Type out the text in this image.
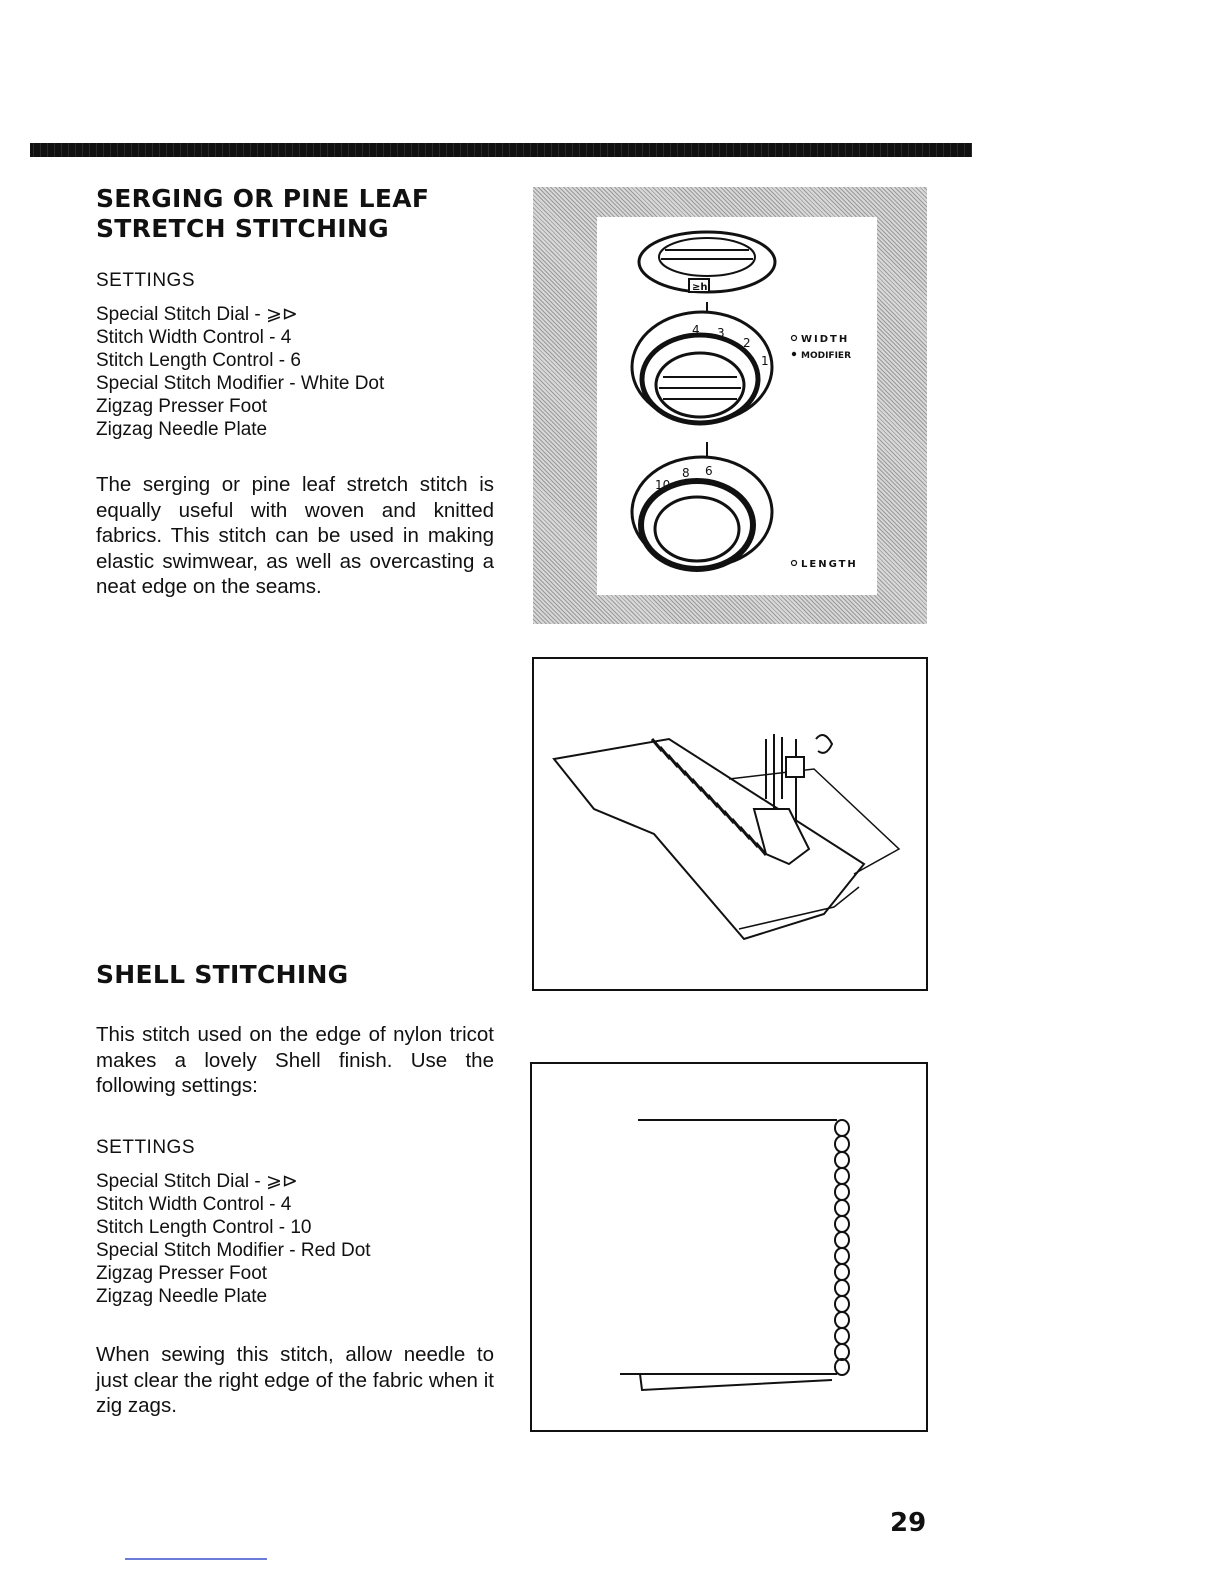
SERGING OR PINE LEAF
STRETCH STITCHING
SETTINGS
Special Stitch Dial - ⩾⊳
Stitch Width Control - 4
Stitch Length Control - 6
Special Stitch Modifier - White Dot
Zigzag Presser Foot
Zigzag Needle Plate

The serging or pine leaf stretch stitch is equally useful with woven and knitted fabrics. This stitch can be used in making elastic swimwear, as well as overcasting a neat edge on the seams.

≥h
4 3
2
1
10
8 6
WIDTH
MODIFIER
LENGTH
SHELL STITCHING

This stitch used on the edge of nylon tricot makes a lovely Shell finish. Use the following settings:

SETTINGS
Special Stitch Dial - ⩾⊳
Stitch Width Control - 4
Stitch Length Control - 10
Special Stitch Modifier - Red Dot
Zigzag Presser Foot
Zigzag Needle Plate

When sewing this stitch, allow needle to just clear the right edge of the fabric when it zig zags.

29
